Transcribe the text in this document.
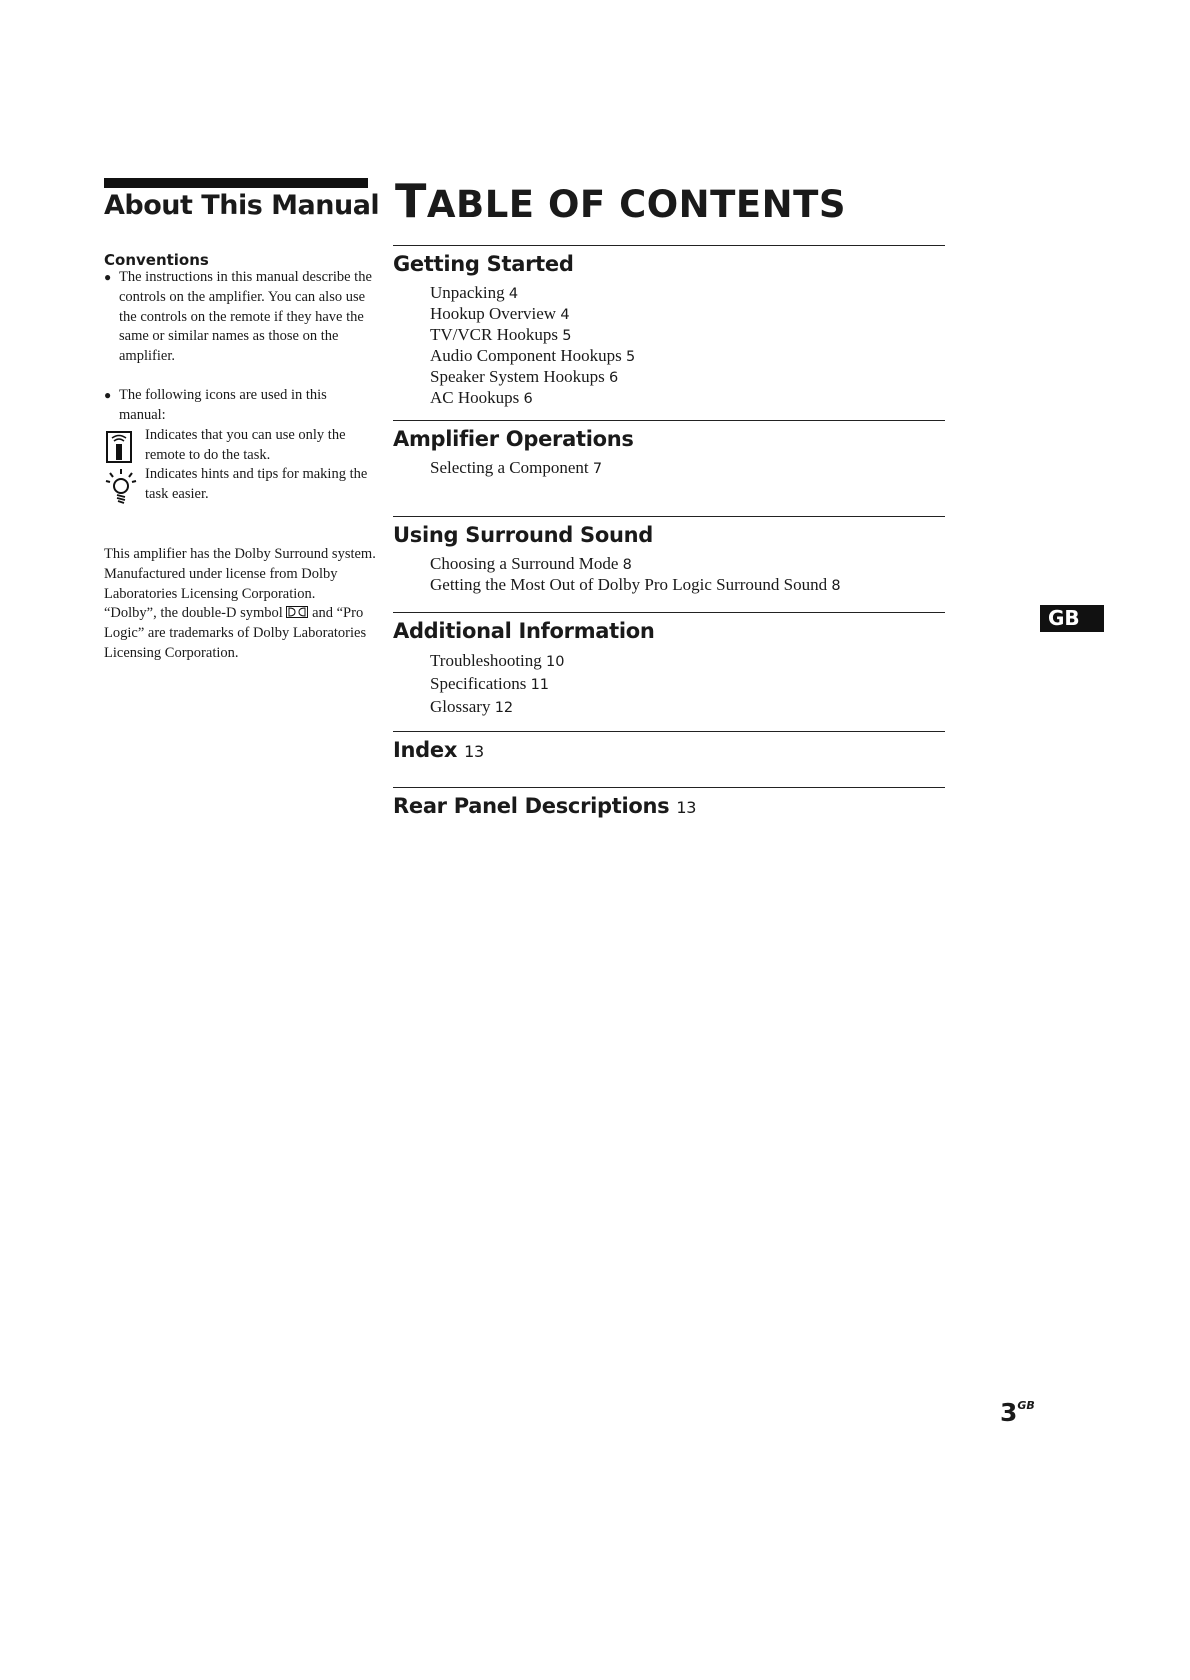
About This Manual
Conventions
● The instructions in this manual describe the controls on the amplifier. You can also use the controls on the remote if they have the same or similar names as those on the amplifier.
● The following icons are used in this manual:
Indicates that you can use only the remote to do the task.
Indicates hints and tips for making the task easier.

This amplifier has the Dolby Surround system.

Manufactured under license from Dolby Laboratories Licensing Corporation.

“Dolby”, the double-D symbol and “Pro Logic” are trademarks of Dolby Laboratories Licensing Corporation.

TABLE OF CONTENTS
Getting Started
Unpacking 4
Hookup Overview 4
TV/VCR Hookups 5
Audio Component Hookups 5
Speaker System Hookups 6
AC Hookups 6
Amplifier Operations
Selecting a Component 7
Using Surround Sound
Choosing a Surround Mode 8
Getting the Most Out of Dolby Pro Logic Surround Sound 8
Additional Information
Troubleshooting 10
Specifications 11
Glossary 12
Index 13
Rear Panel Descriptions 13
GB
$3^{GB}$
